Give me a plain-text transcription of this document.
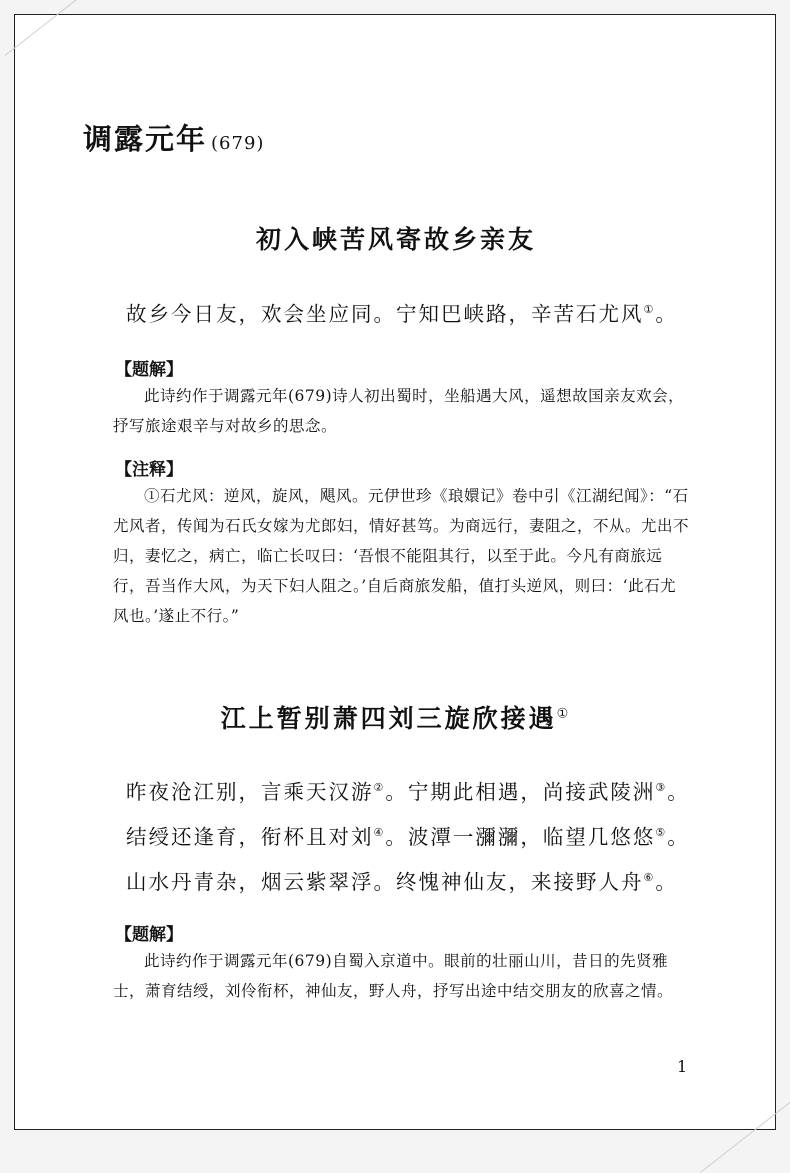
调露元年 (679)
初入峡苦风寄故乡亲友
故乡今日友，欢会坐应同。宁知巴峡路，辛苦石尤风①。
【题解】
此诗约作于调露元年(679)诗人初出蜀时，坐船遇大风，遥想故国亲友欢会，抒写旅途艰辛与对故乡的思念。
【注释】
①石尤风：逆风，旋风，飓风。元伊世珍《琅嬛记》卷中引《江湖纪闻》：“石尤风者，传闻为石氏女嫁为尤郎妇，情好甚笃。为商远行，妻阻之，不从。尤出不归，妻忆之，病亡，临亡长叹曰：‘吾恨不能阻其行，以至于此。今凡有商旅远行，吾当作大风，为天下妇人阻之。’自后商旅发船，值打头逆风，则曰：‘此石尤风也。’遂止不行。”
江上暂别萧四刘三旋欣接遇①
昨夜沧江别，言乘天汉游②。宁期此相遇，尚接武陵洲③。
结绶还逢育，衔杯且对刘④。波潭一瀰瀰，临望几悠悠⑤。
山水丹青杂，烟云紫翠浮。终愧神仙友，来接野人舟⑥。
【题解】
此诗约作于调露元年(679)自蜀入京道中。眼前的壮丽山川，昔日的先贤雅士，萧育结绶，刘伶衔杯，神仙友，野人舟，抒写出途中结交朋友的欣喜之情。
1
